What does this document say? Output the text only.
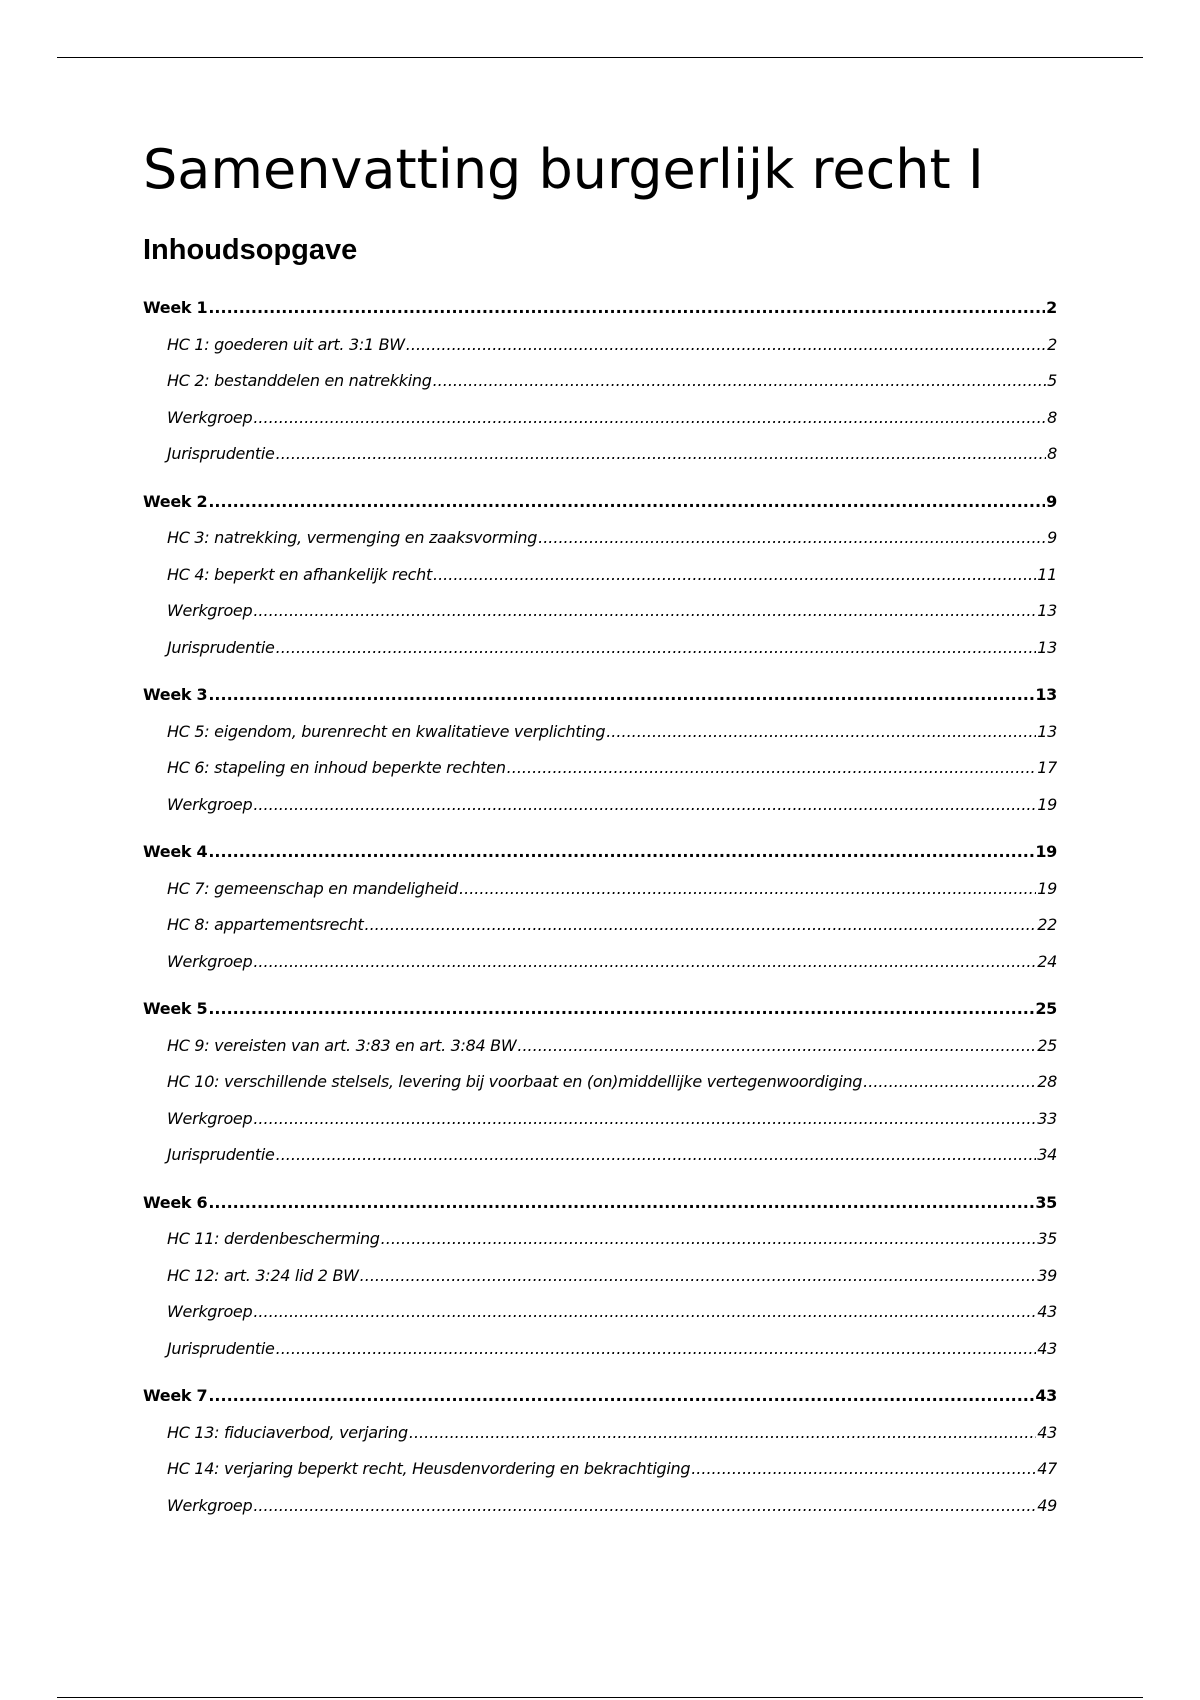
Samenvatting burgerlijk recht I
Inhoudsopgave
Week 1 .....	2
HC 1: goederen uit art. 3:1 BW .....	2
HC 2: bestanddelen en natrekking .....	5
Werkgroep .....	8
Jurisprudentie .....	8
Week 2 .....	9
HC 3: natrekking, vermenging en zaaksvorming .....	9
HC 4: beperkt en afhankelijk recht .....	11
Werkgroep .....	13
Jurisprudentie .....	13
Week 3 .....	13
HC 5: eigendom, burenrecht en kwalitatieve verplichting .....	13
HC 6: stapeling en inhoud beperkte rechten .....	17
Werkgroep .....	19
Week 4 .....	19
HC 7: gemeenschap en mandeligheid .....	19
HC 8: appartementsrecht .....	22
Werkgroep .....	24
Week 5 .....	25
HC 9: vereisten van art. 3:83 en art. 3:84 BW .....	25
HC 10: verschillende stelsels, levering bij voorbaat en (on)middellijke vertegenwoordiging .....	28
Werkgroep .....	33
Jurisprudentie .....	34
Week 6 .....	35
HC 11: derdenbescherming .....	35
HC 12: art. 3:24 lid 2 BW .....	39
Werkgroep .....	43
Jurisprudentie .....	43
Week 7 .....	43
HC 13: fiduciaverbod, verjaring .....	43
HC 14: verjaring beperkt recht, Heusdenvordering en bekrachtiging .....	47
Werkgroep .....	49
